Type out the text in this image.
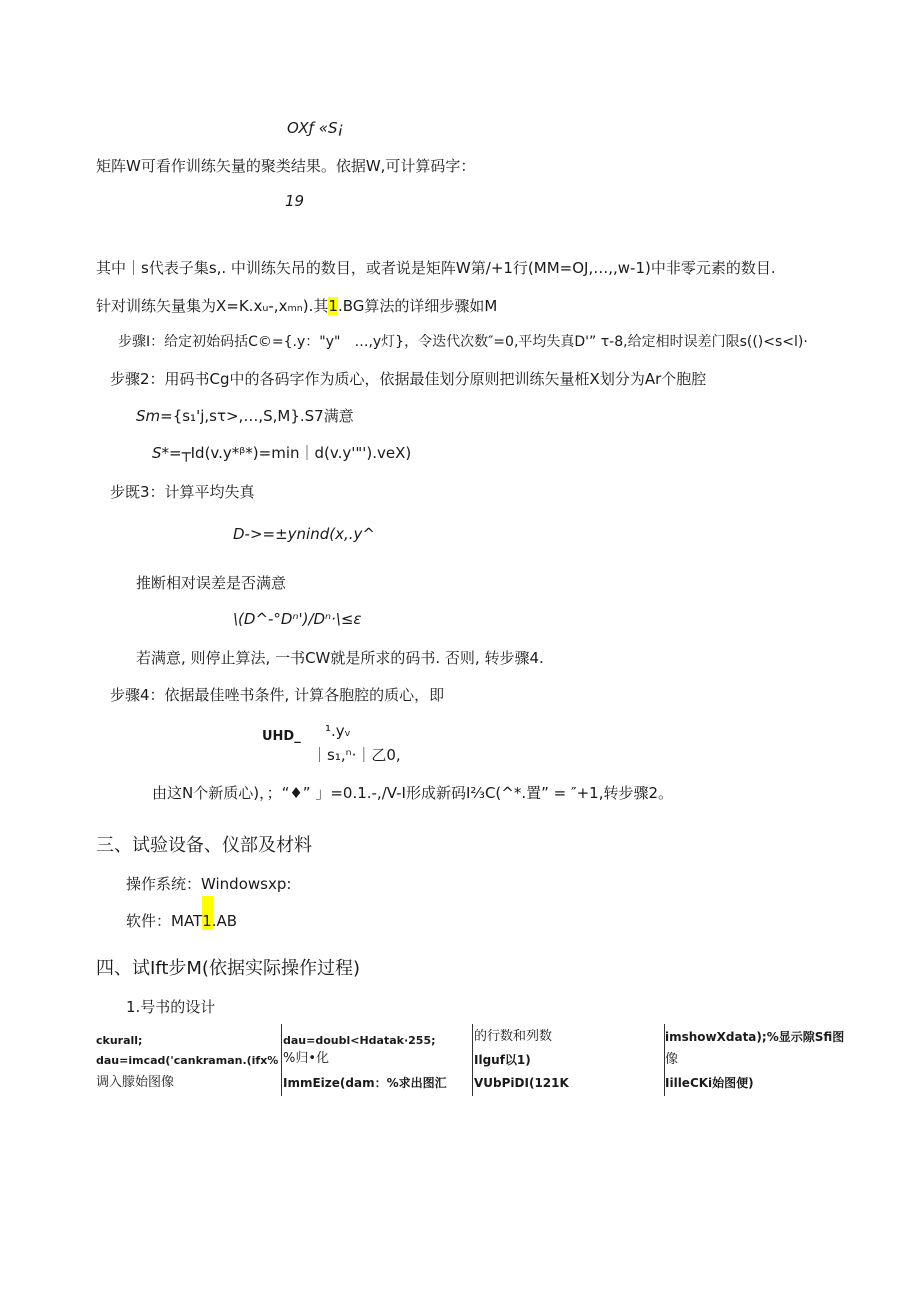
OXƒ «S¡
矩阵W可看作训练矢量的聚类结果。依据W,可计算码字：
19
其中｜s代表子集s,. 中训练矢吊的数目，或者说是矩阵W第/+1行(MM=OJ,…,,w-1)中非零元素的数目.
针对训练矢量集为X=K.xᵤ-,xₘₙ).其1.BG算法的详细步骤如M
步骤I：给定初始码括C©={.y："y"　…,y灯}，令迭代次数″=0,平均失真D'” τ-8,给定相时误差门限s(()<s<l)·
步骤2：用码书Cg中的各码字作为质心，依据最佳划分原则把训练矢量栣X划分为Ar个胞腔
Sm={s₁'j,sτ>,…,S,M}.S7满意
S*=┬Id(v.y*ᵝ*)=min｜d(v.y'"').veX)
步既3：计算平均失真
D->=±ynind(x,.y^
推断相对误差是否满意
\(D^-°Dⁿ')/Dⁿ·\≤ε
若满意, 则停止算法, 一书CW就是所求的码书. 否则, 转步骤4.
步骤4：依据最佳唑书条件, 计算各胞腔的质心，即
UHD_ ¹.yᵥ
｜s₁,ⁿ·｜乙0,
由这N个新质心)，；“♦” 」=0.1.-,/V-I形成新码I⅔C(^*.置” = ″+1,转步骤2。
三、试验设备、仪部及材料
操作系统：Windowsxp:
软件：MAT1.AB
四、试Ift步M(依据实际操作过程)
1.号书的设计
ckurall;
dau=imcad('cankraman.(ifx%
调入朦始图像
dau=doubl<Hdatak·255;
%归•化
ImmEize(dam：%求出图汇
的行数和列数
Ilguf以1)
VUbPiDI(121K
imshowXdata);%显示隙Sfi图
像
IilleCKi始图便)
